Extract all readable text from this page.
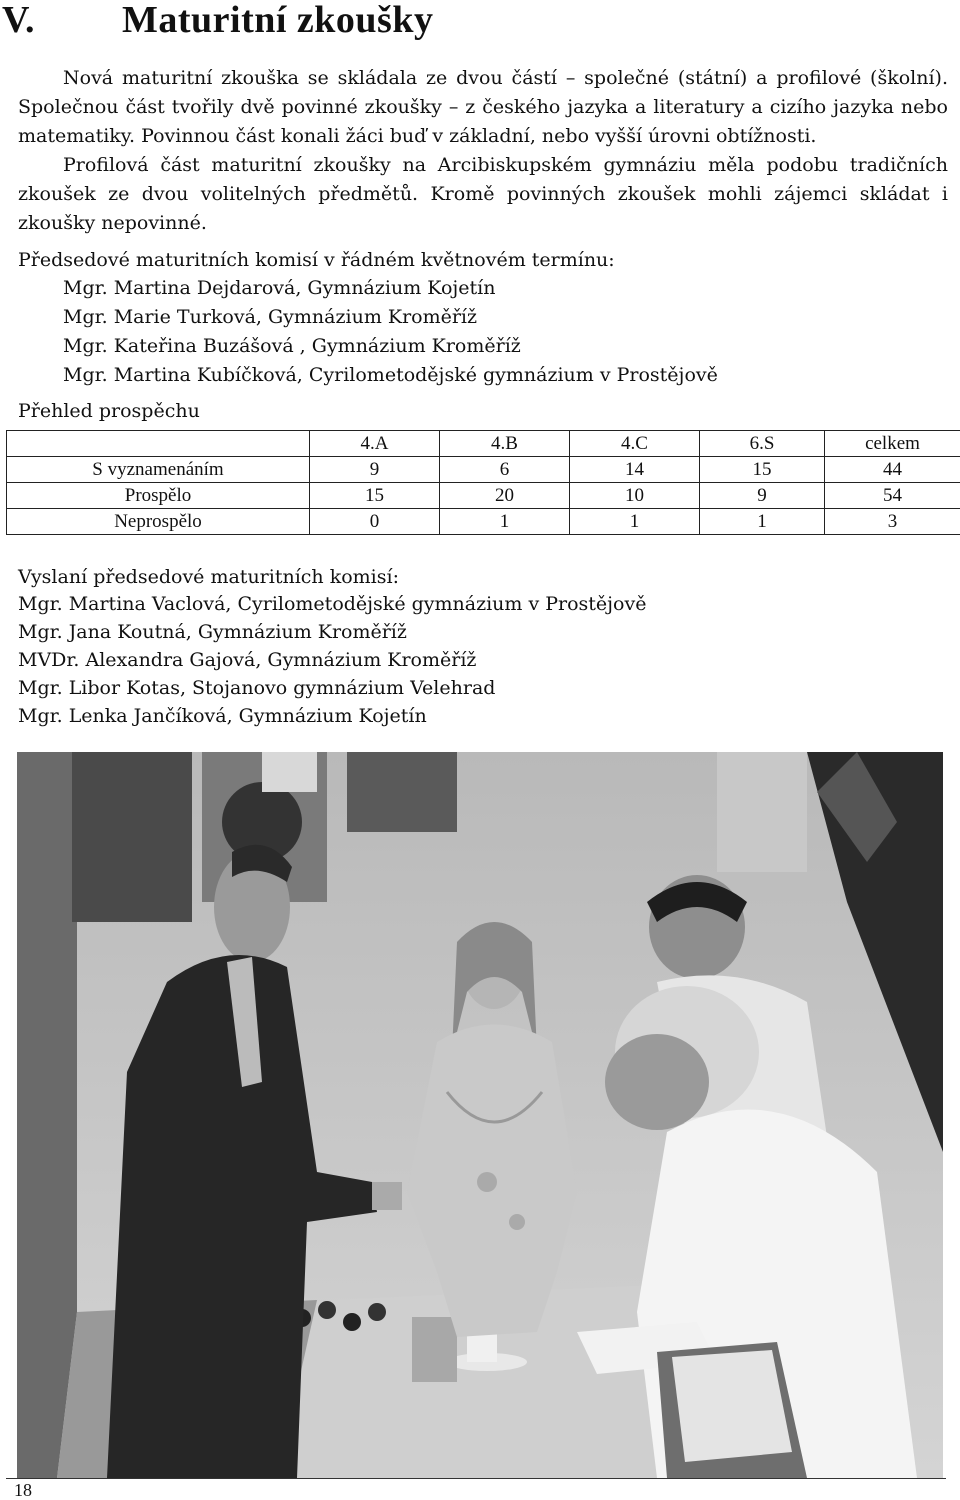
V. Maturitní zkoušky

Nová maturitní zkouška se skládala ze dvou částí – společné (státní) a profilové (školní). Společnou část tvořily dvě povinné zkoušky – z českého jazyka a literatury a cizího jazyka nebo matematiky. Povinnou část konali žáci buď v základní, nebo vyšší úrovni obtížnosti.

Profilová část maturitní zkoušky na Arcibiskupském gymnáziu měla podobu tradičních zkoušek ze dvou volitelných předmětů. Kromě povinných zkoušek mohli zájemci skládat i zkoušky nepovinné.

Předsedové maturitních komisí v řádném květnovém termínu:
Mgr. Martina Dejdarová, Gymnázium Kojetín
Mgr. Marie Turková, Gymnázium Kroměříž
Mgr. Kateřina Buzášová , Gymnázium Kroměříž
Mgr. Martina Kubíčková, Cyrilometodějské gymnázium v Prostějově
Přehled prospěchu
	4.A	4.B	4.C	6.S	celkem
S vyznamenáním	9	6	14	15	44
Prospělo	15	20	10	9	54
Neprospělo	0	1	1	1	3
Vyslaní předsedové maturitních komisí:
Mgr. Martina Vaclová, Cyrilometodějské gymnázium v Prostějově
Mgr. Jana Koutná, Gymnázium Kroměříž
MVDr. Alexandra Gajová, Gymnázium Kroměříž
Mgr. Libor Kotas, Stojanovo gymnázium Velehrad
Mgr. Lenka Jančíková, Gymnázium Kojetín
18
